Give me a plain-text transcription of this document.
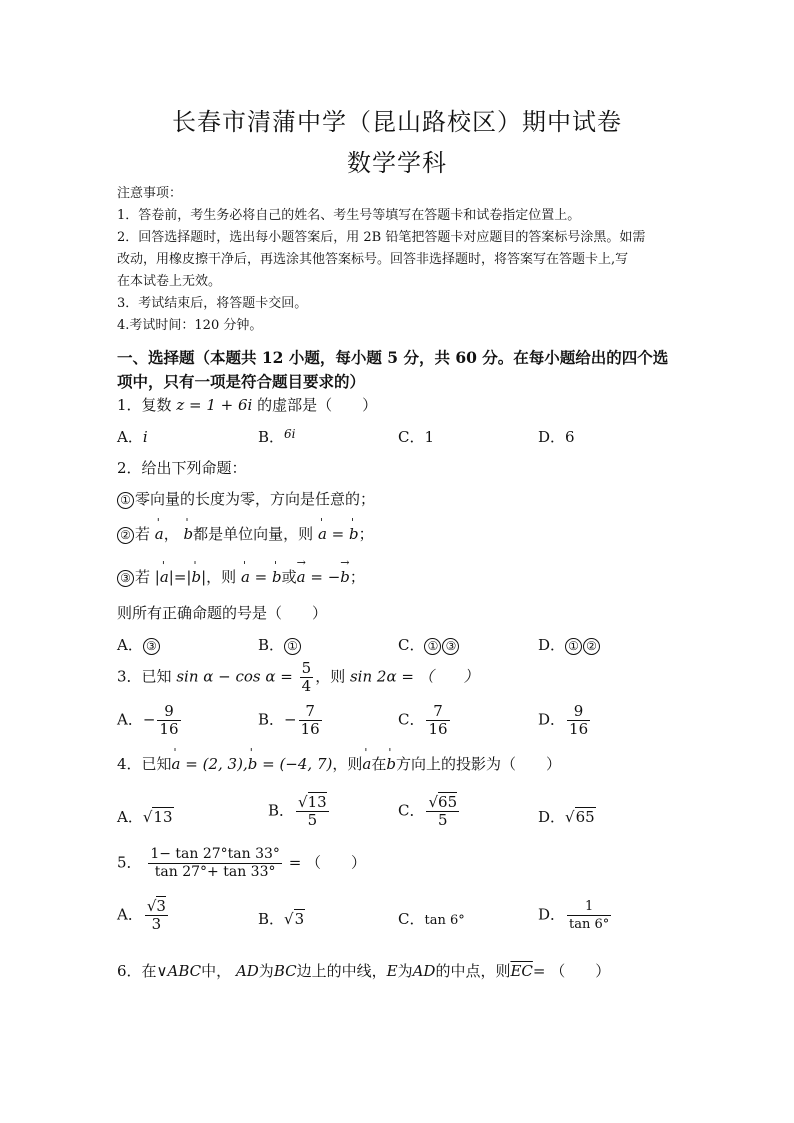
长春市清蒲中学（昆山路校区）期中试卷
数学学科
注意事项：
1．答卷前，考生务必将自己的姓名、考生号等填写在答题卡和试卷指定位置上。
2．回答选择题时，选出每小题答案后，用 2B 铅笔把答题卡对应题目的答案标号涂黑。如需
改动，用橡皮擦干净后，再选涂其他答案标号。回答非选择题时，将答案写在答题卡上,写
在本试卷上无效。
3．考试结束后，将答题卡交回。
4.考试时间：120 分钟。
一、选择题（本题共 12 小题，每小题 5 分，共 60 分。在每小题给出的四个选
项中，只有一项是符合题目要求的）
1．复数 z = 1 + 6i 的虚部是（　　）
A．i	B．$^{6i}$	C．1	D．6
2．给出下列命题：
① 零向量的长度为零，方向是任意的；
② 若 ' a， ' b都是单位向量，则 ' a = ' b；
③ 若 |' a|=|' b|，则 ' a = ' b或→ a = −→ b；
则所有正确命题的号是（　　）
A． ③	B． ①	C． ① ③	D． ① ②
3．已知 $\sin \alpha - \cos \alpha = \frac{5}{4}$ ，则 sin 2α = （　　）
A．− $\frac{9}{16}$	B．− $\frac{7}{16}$	C． $\frac{7}{16}$	D． $\frac{9}{16}$
4．已知' a = (2, 3),' b = (−4, 7)，则' a在' b方向上的投影为（　　）
A．√13	B． $\frac{√13}{5}$	C． $\frac{√65}{5}$	D．√65
5． $\frac{1- \tan 27^\circ\tan 33^\circ}{\tan 27^\circ+ \tan 33^\circ}$ = （　　）
A． $\frac{√3}{3}$	B．√3	C．tan 6°	D． $\frac{1}{\tan 6^\circ}$
6．在∨ABC中， AD为BC边上的中线，E为AD的中点，则$\overline{EC}=$ （　　）
